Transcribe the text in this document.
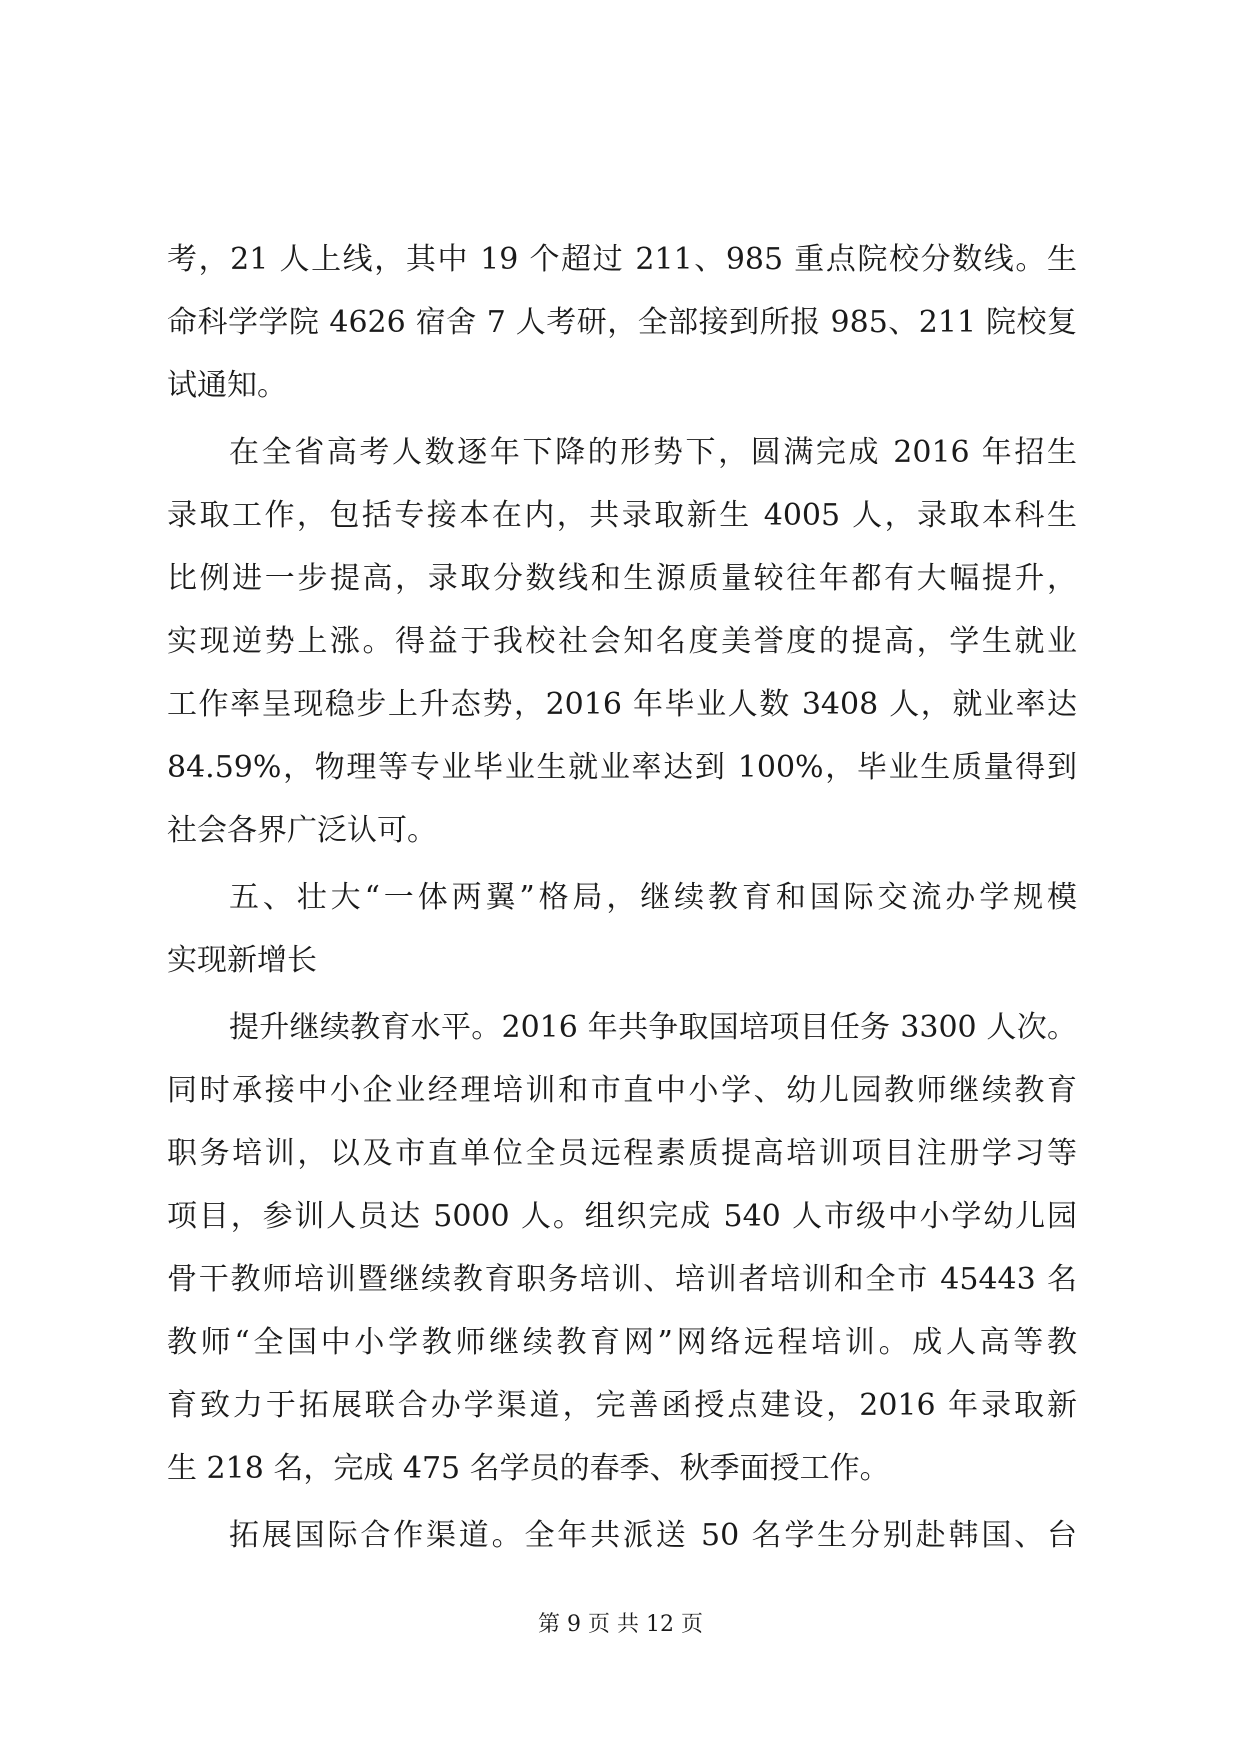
考，21 人上线，其中 19 个超过 211、985 重点院校分数线。生
命科学学院 4626 宿舍 7 人考研，全部接到所报 985、211 院校复
试通知。
在全省高考人数逐年下降的形势下，圆满完成 2016 年招生
录取工作，包括专接本在内，共录取新生 4005 人，录取本科生
比例进一步提高，录取分数线和生源质量较往年都有大幅提升，
实现逆势上涨。得益于我校社会知名度美誉度的提高，学生就业
工作率呈现稳步上升态势，2016 年毕业人数 3408 人，就业率达
84.59%，物理等专业毕业生就业率达到 100%，毕业生质量得到
社会各界广泛认可。
五、壮大“一体两翼”格局，继续教育和国际交流办学规模
实现新增长
提升继续教育水平。2016 年共争取国培项目任务 3300 人次。
同时承接中小企业经理培训和市直中小学、幼儿园教师继续教育
职务培训，以及市直单位全员远程素质提高培训项目注册学习等
项目，参训人员达 5000 人。组织完成 540 人市级中小学幼儿园
骨干教师培训暨继续教育职务培训、培训者培训和全市 45443 名
教师“全国中小学教师继续教育网”网络远程培训。成人高等教
育致力于拓展联合办学渠道，完善函授点建设，2016 年录取新
生 218 名，完成 475 名学员的春季、秋季面授工作。
拓展国际合作渠道。全年共派送 50 名学生分别赴韩国、台
第 9 页 共 12 页
